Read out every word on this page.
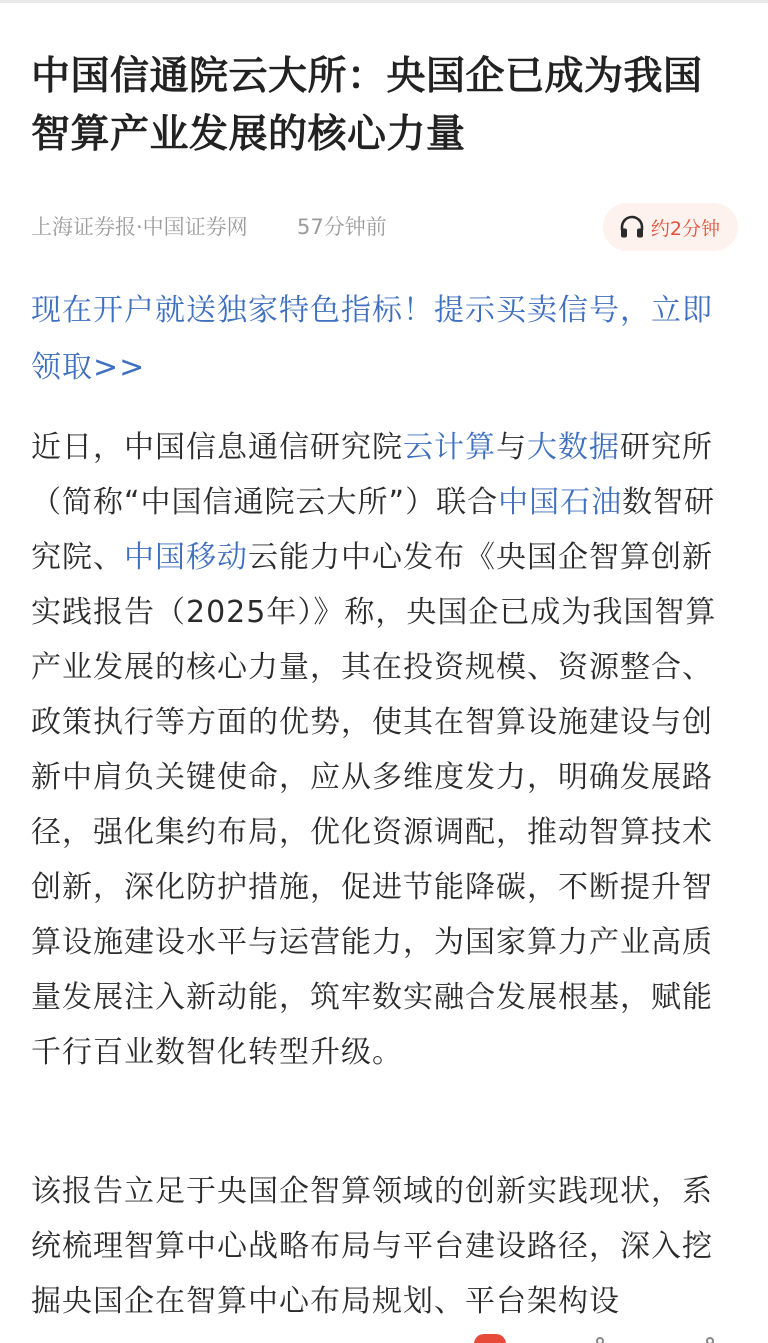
中国信通院云大所：央国企已成为我国智算产业发展的核心力量
上海证券报·中国证券网 57分钟前	约2分钟

现在开户就送独家特色指标！提示买卖信号，立即领取>>

近日，中国信息通信研究院云计算与大数据研究所（简称“中国信通院云大所”）联合中国石油数智研究院、中国移动云能力中心发布《央国企智算创新实践报告（2025年）》称，央国企已成为我国智算产业发展的核心力量，其在投资规模、资源整合、政策执行等方面的优势，使其在智算设施建设与创新中肩负关键使命，应从多维度发力，明确发展路径，强化集约布局，优化资源调配，推动智算技术创新，深化防护措施，促进节能降碳，不断提升智算设施建设水平与运营能力，为国家算力产业高质量发展注入新动能，筑牢数实融合发展根基，赋能千行百业数智化转型升级。

该报告立足于央国企智算领域的创新实践现状，系统梳理智算中心战略布局与平台建设路径，深入挖掘央国企在智算中心布局规划、平台架构设
